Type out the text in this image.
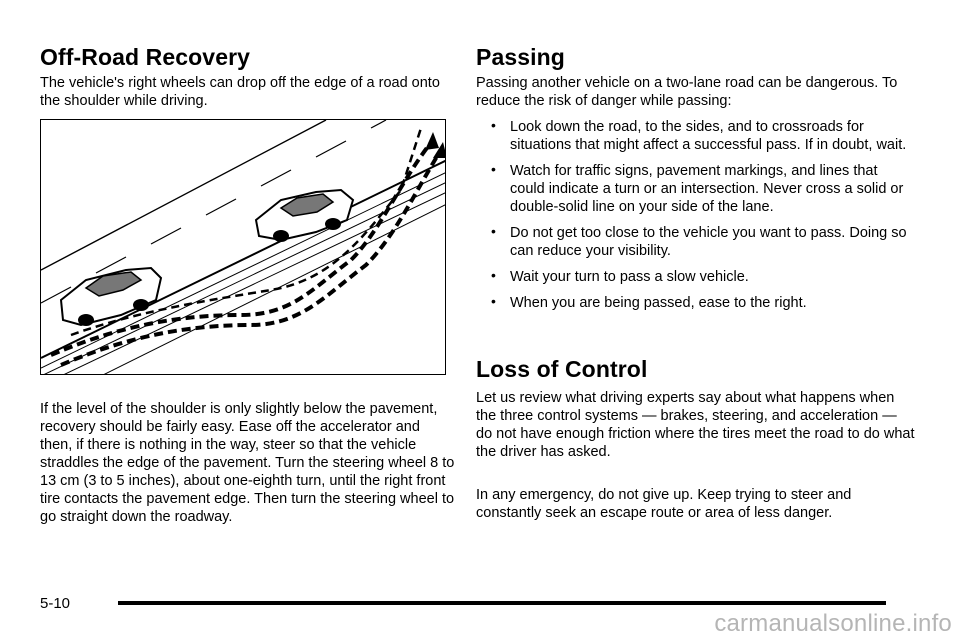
Off-Road Recovery

The vehicle's right wheels can drop off the edge of a road onto the shoulder while driving.

If the level of the shoulder is only slightly below the pavement, recovery should be fairly easy. Ease off the accelerator and then, if there is nothing in the way, steer so that the vehicle straddles the edge of the pavement. Turn the steering wheel 8 to 13 cm (3 to 5 inches), about one-eighth turn, until the right front tire contacts the pavement edge. Then turn the steering wheel to go straight down the roadway.

Passing

Passing another vehicle on a two-lane road can be dangerous. To reduce the risk of danger while passing:

• Look down the road, to the sides, and to crossroads for situations that might affect a successful pass. If in doubt, wait.
• Watch for traffic signs, pavement markings, and lines that could indicate a turn or an intersection. Never cross a solid or double-solid line on your side of the lane.
• Do not get too close to the vehicle you want to pass. Doing so can reduce your visibility.
• Wait your turn to pass a slow vehicle.
• When you are being passed, ease to the right.
Loss of Control

Let us review what driving experts say about what happens when the three control systems — brakes, steering, and acceleration — do not have enough friction where the tires meet the road to do what the driver has asked.

In any emergency, do not give up. Keep trying to steer and constantly seek an escape route or area of less danger.

5-10
carmanualsonline.info
